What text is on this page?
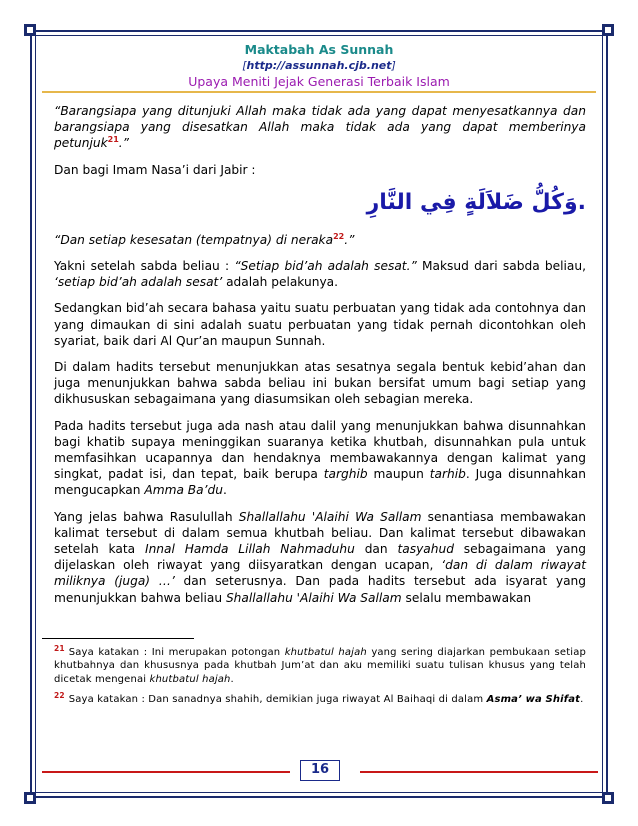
Maktabah As Sunnah
[http://assunnah.cjb.net]
Upaya Meniti Jejak Generasi Terbaik Islam

“Barangsiapa yang ditunjuki Allah maka tidak ada yang dapat menyesatkannya dan barangsiapa yang disesatkan Allah maka tidak ada yang dapat memberinya petunjuk$^{21}$.”

Dan bagi Imam Nasa’i dari Jabir :

.وَكُلُّ ضَلاَلَةٍ فِي النَّارِ

“Dan setiap kesesatan (tempatnya) di neraka$^{22}$.”

Yakni setelah sabda beliau : “Setiap bid’ah adalah sesat.” Maksud dari sabda beliau, ‘setiap bid’ah adalah sesat’ adalah pelakunya.

Sedangkan bid’ah secara bahasa yaitu suatu perbuatan yang tidak ada contohnya dan yang dimaukan di sini adalah suatu perbuatan yang tidak pernah dicontohkan oleh syariat, baik dari Al Qur’an maupun Sunnah.

Di dalam hadits tersebut menunjukkan atas sesatnya segala bentuk kebid’ahan dan juga menunjukkan bahwa sabda beliau ini bukan bersifat umum bagi setiap yang dikhususkan sebagaimana yang diasumsikan oleh sebagian mereka.

Pada hadits tersebut juga ada nash atau dalil yang menunjukkan bahwa disunnahkan bagi khatib supaya meninggikan suaranya ketika khutbah, disunnahkan pula untuk memfasihkan ucapannya dan hendaknya membawakannya dengan kalimat yang singkat, padat isi, dan tepat, baik berupa targhib maupun tarhib. Juga disunnahkan mengucapkan Amma Ba’du.

Yang jelas bahwa Rasulullah Shallallahu 'Alaihi Wa Sallam senantiasa membawakan kalimat tersebut di dalam semua khutbah beliau. Dan kalimat tersebut dibawakan setelah kata Innal Hamda Lillah Nahmaduhu dan tasyahud sebagaimana yang dijelaskan oleh riwayat yang diisyaratkan dengan ucapan, ‘dan di dalam riwayat miliknya (juga) …’ dan seterusnya. Dan pada hadits tersebut ada isyarat yang menunjukkan bahwa beliau Shallallahu 'Alaihi Wa Sallam selalu membawakan

$^{21}$ Saya katakan : Ini merupakan potongan khutbatul hajah yang sering diajarkan pembukaan setiap khutbahnya dan khususnya pada khutbah Jum’at dan aku memiliki suatu tulisan khusus yang telah dicetak mengenai khutbatul hajah.

$^{22}$ Saya katakan : Dan sanadnya shahih, demikian juga riwayat Al Baihaqi di dalam Asma’ wa Shifat.

16
